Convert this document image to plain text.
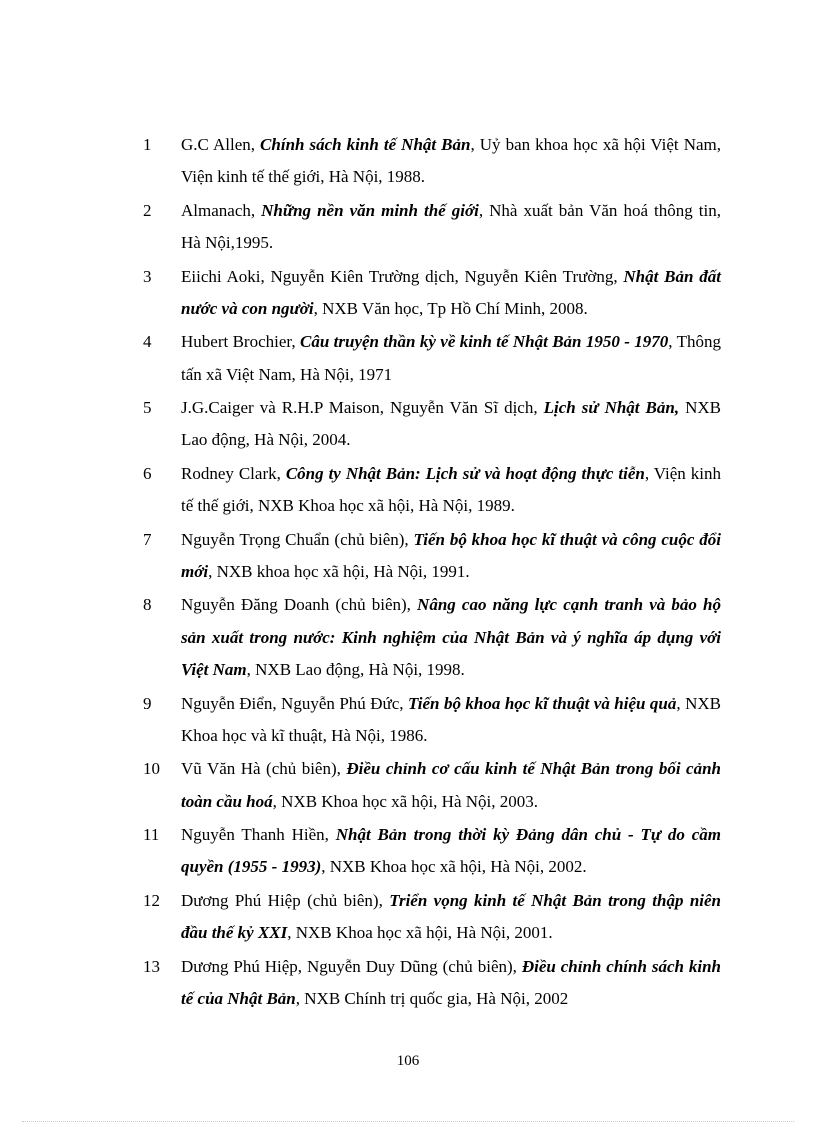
1 G.C Allen, Chính sách kinh tế Nhật Bản, Uỷ ban khoa học xã hội Việt Nam, Viện kinh tế thế giới, Hà Nội, 1988.
2 Almanach, Những nền văn minh thế giới, Nhà xuất bản Văn hoá thông tin, Hà Nội,1995.
3 Eiichi Aoki, Nguyễn Kiên Trường dịch, Nguyễn Kiên Trường, Nhật Bản đất nước và con người, NXB Văn học, Tp Hồ Chí Minh, 2008.
4 Hubert Brochier, Câu truyện thần kỳ về kinh tế Nhật Bản 1950 - 1970, Thông tấn xã Việt Nam, Hà Nội, 1971
5 J.G.Caiger và R.H.P Maison, Nguyễn Văn Sĩ dịch, Lịch sử Nhật Bản, NXB Lao động, Hà Nội, 2004.
6 Rodney Clark, Công ty Nhật Bản: Lịch sử và hoạt động thực tiễn, Viện kinh tế thế giới, NXB Khoa học xã hội, Hà Nội, 1989.
7 Nguyễn Trọng Chuẩn (chủ biên), Tiến bộ khoa học kĩ thuật và công cuộc đổi mới, NXB khoa học xã hội, Hà Nội, 1991.
8 Nguyễn Đăng Doanh (chủ biên), Nâng cao năng lực cạnh tranh và bảo hộ sản xuất trong nước: Kinh nghiệm của Nhật Bản và ý nghĩa áp dụng với Việt Nam, NXB Lao động, Hà Nội, 1998.
9 Nguyễn Điển, Nguyễn Phú Đức, Tiến bộ khoa học kĩ thuật và hiệu quả, NXB Khoa học và kĩ thuật, Hà Nội, 1986.
10 Vũ Văn Hà (chủ biên), Điều chỉnh cơ cấu kinh tế Nhật Bản trong bối cảnh toàn cầu hoá, NXB Khoa học xã hội, Hà Nội, 2003.
11 Nguyễn Thanh Hiền, Nhật Bản trong thời kỳ Đảng dân chủ - Tự do cầm quyền (1955 - 1993), NXB Khoa học xã hội, Hà Nội, 2002.
12 Dương Phú Hiệp (chủ biên), Triển vọng kinh tế Nhật Bản trong thập niên đầu thế kỷ XXI, NXB Khoa học xã hội, Hà Nội, 2001.
13 Dương Phú Hiệp, Nguyễn Duy Dũng (chủ biên), Điều chỉnh chính sách kinh tế của Nhật Bản, NXB Chính trị quốc gia, Hà Nội, 2002
106
